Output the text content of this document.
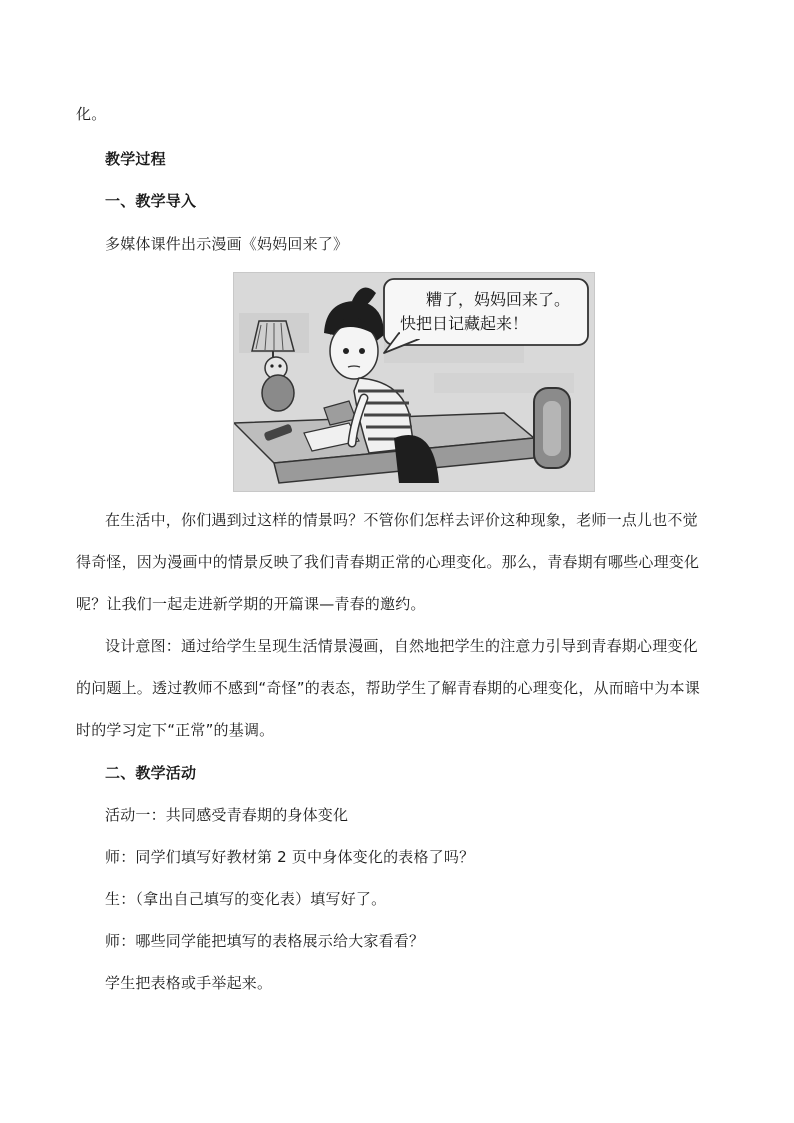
化。
教学过程
一、教学导入
多媒体课件出示漫画《妈妈回来了》
糟了，妈妈回来了。
快把日记藏起来！
在生活中，你们遇到过这样的情景吗？不管你们怎样去评价这种现象，老师一点儿也不觉
得奇怪，因为漫画中的情景反映了我们青春期正常的心理变化。那么，青春期有哪些心理变化
呢？让我们一起走进新学期的开篇课—青春的邀约。
设计意图：通过给学生呈现生活情景漫画，自然地把学生的注意力引导到青春期心理变化
的问题上。透过教师不感到“奇怪”的表态，帮助学生了解青春期的心理变化，从而暗中为本课
时的学习定下“正常”的基调。
二、教学活动
活动一：共同感受青春期的身体变化
师：同学们填写好教材第 2 页中身体变化的表格了吗？
生：（拿出自己填写的变化表）填写好了。
师：哪些同学能把填写的表格展示给大家看看？
学生把表格或手举起来。
